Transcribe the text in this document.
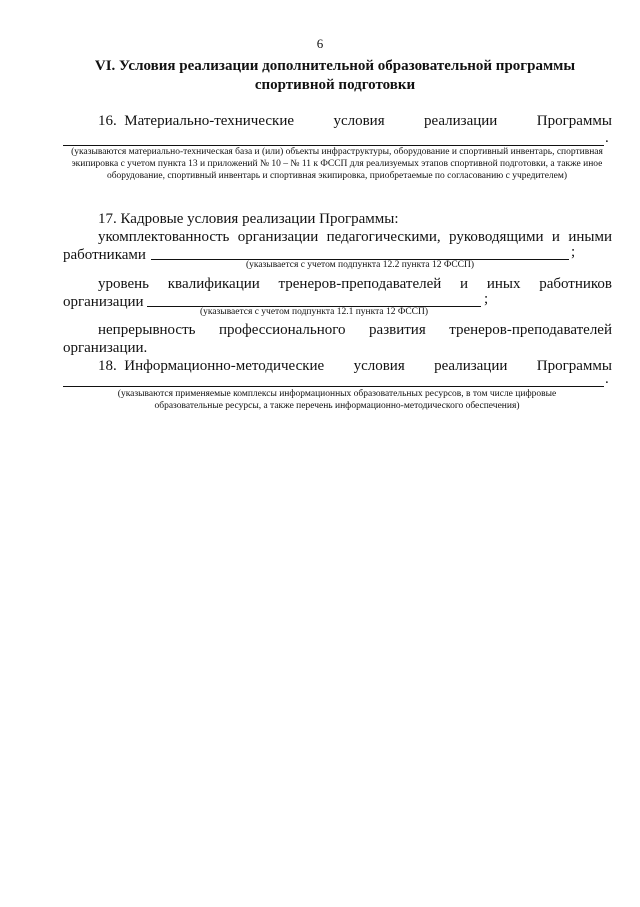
6
VI. Условия реализации дополнительной образовательной программы
спортивной подготовки
16. Материально-технические	условия	реализации	Программы
.
(указываются материально-техническая база и (или) объекты инфраструктуры, оборудование и спортивный инвентарь, спортивная экипировка с учетом пункта 13 и приложений № 10 – № 11 к ФССП для реализуемых этапов спортивной подготовки, а также иное оборудование, спортивный инвентарь и спортивная экипировка, приобретаемые по согласованию с учредителем)
17. Кадровые условия реализации Программы:
укомплектованность организации педагогическими, руководящими и иными
работниками	;
(указывается с учетом подпункта 12.2 пункта 12 ФССП)
уровень квалификации тренеров-преподавателей и иных работников
организации	;
(указывается с учетом подпункта 12.1 пункта 12 ФССП)
непрерывность профессионального развития тренеров-преподавателей
организации.
18. Информационно-методические условия реализации Программы
.
(указываются применяемые комплексы информационных образовательных ресурсов, в том числе цифровые
образовательные ресурсы, а также перечень информационно-методического обеспечения)
